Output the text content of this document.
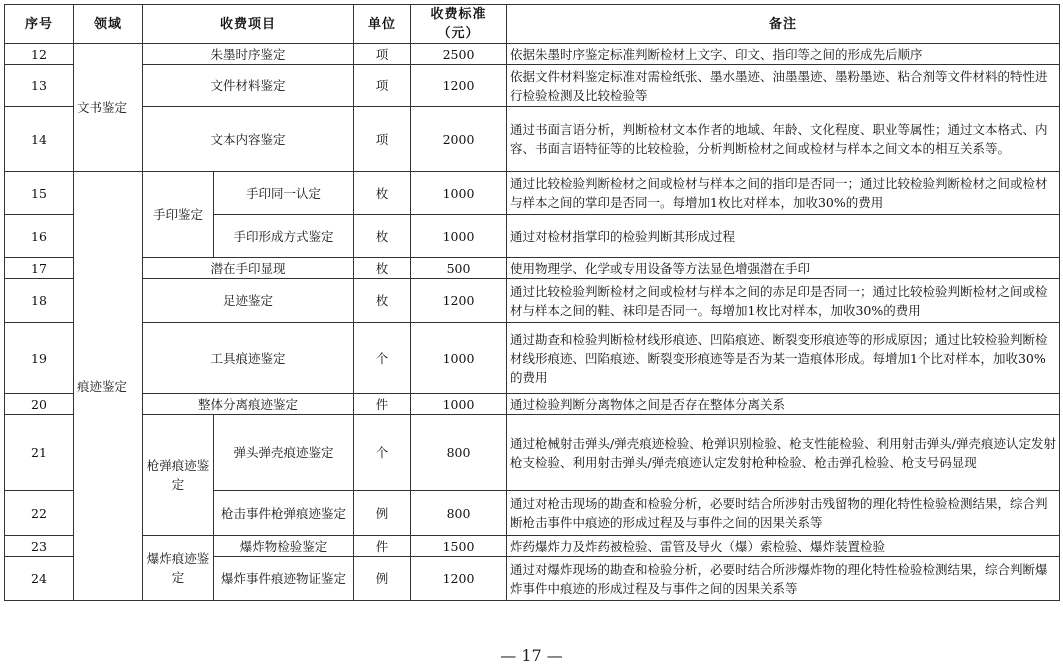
序号	领域	收费项目		单位	收费标准（元）	备注
12	文书鉴定	朱墨时序鉴定		项	2500	依据朱墨时序鉴定标准判断检材上文字、印文、指印等之间的形成先后顺序
13		文件材料鉴定		项	1200	依据文件材料鉴定标准对需检纸张、墨水墨迹、油墨墨迹、墨粉墨迹、粘合剂等文件材料的特性进行检验检测及比较检验等
14		文本内容鉴定		项	2000	通过书面言语分析，判断检材文本作者的地域、年龄、文化程度、职业等属性；通过文本格式、内容、书面言语特征等的比较检验，分析判断检材之间或检材与样本之间文本的相互关系等。
15	痕迹鉴定	手印鉴定	手印同一认定	枚	1000	通过比较检验判断检材之间或检材与样本之间的指印是否同一；通过比较检验判断检材之间或检材与样本之间的掌印是否同一。每增加1枚比对样本，加收30%的费用
16			手印形成方式鉴定	枚	1000	通过对检材指掌印的检验判断其形成过程
17		潜在手印显现		枚	500	使用物理学、化学或专用设备等方法显色增强潜在手印
18		足迹鉴定		枚	1200	通过比较检验判断检材之间或检材与样本之间的赤足印是否同一；通过比较检验判断检材之间或检材与样本之间的鞋、袜印是否同一。每增加1枚比对样本，加收30%的费用
19		工具痕迹鉴定		个	1000	通过勘查和检验判断检材线形痕迹、凹陷痕迹、断裂变形痕迹等的形成原因；通过比较检验判断检材线形痕迹、凹陷痕迹、断裂变形痕迹等是否为某一造痕体形成。每增加1个比对样本，加收30%的费用
20		整体分离痕迹鉴定		件	1000	通过检验判断分离物体之间是否存在整体分离关系
21		枪弹痕迹鉴定	弹头弹壳痕迹鉴定	个	800	通过枪械射击弹头/弹壳痕迹检验、枪弹识别检验、枪支性能检验、利用射击弹头/弹壳痕迹认定发射枪支检验、利用射击弹头/弹壳痕迹认定发射枪种检验、枪击弹孔检验、枪支号码显现
22			枪击事件枪弹痕迹鉴定	例	800	通过对枪击现场的勘查和检验分析，必要时结合所涉射击残留物的理化特性检验检测结果，综合判断枪击事件中痕迹的形成过程及与事件之间的因果关系等
23		爆炸痕迹鉴定	爆炸物检验鉴定	件	1500	炸药爆炸力及炸药被检验、雷管及导火（爆）索检验、爆炸装置检验
24			爆炸事件痕迹物证鉴定	例	1200	通过对爆炸现场的勘查和检验分析，必要时结合所涉爆炸物的理化特性检验检测结果，综合判断爆炸事件中痕迹的形成过程及与事件之间的因果关系等
— 17 —
